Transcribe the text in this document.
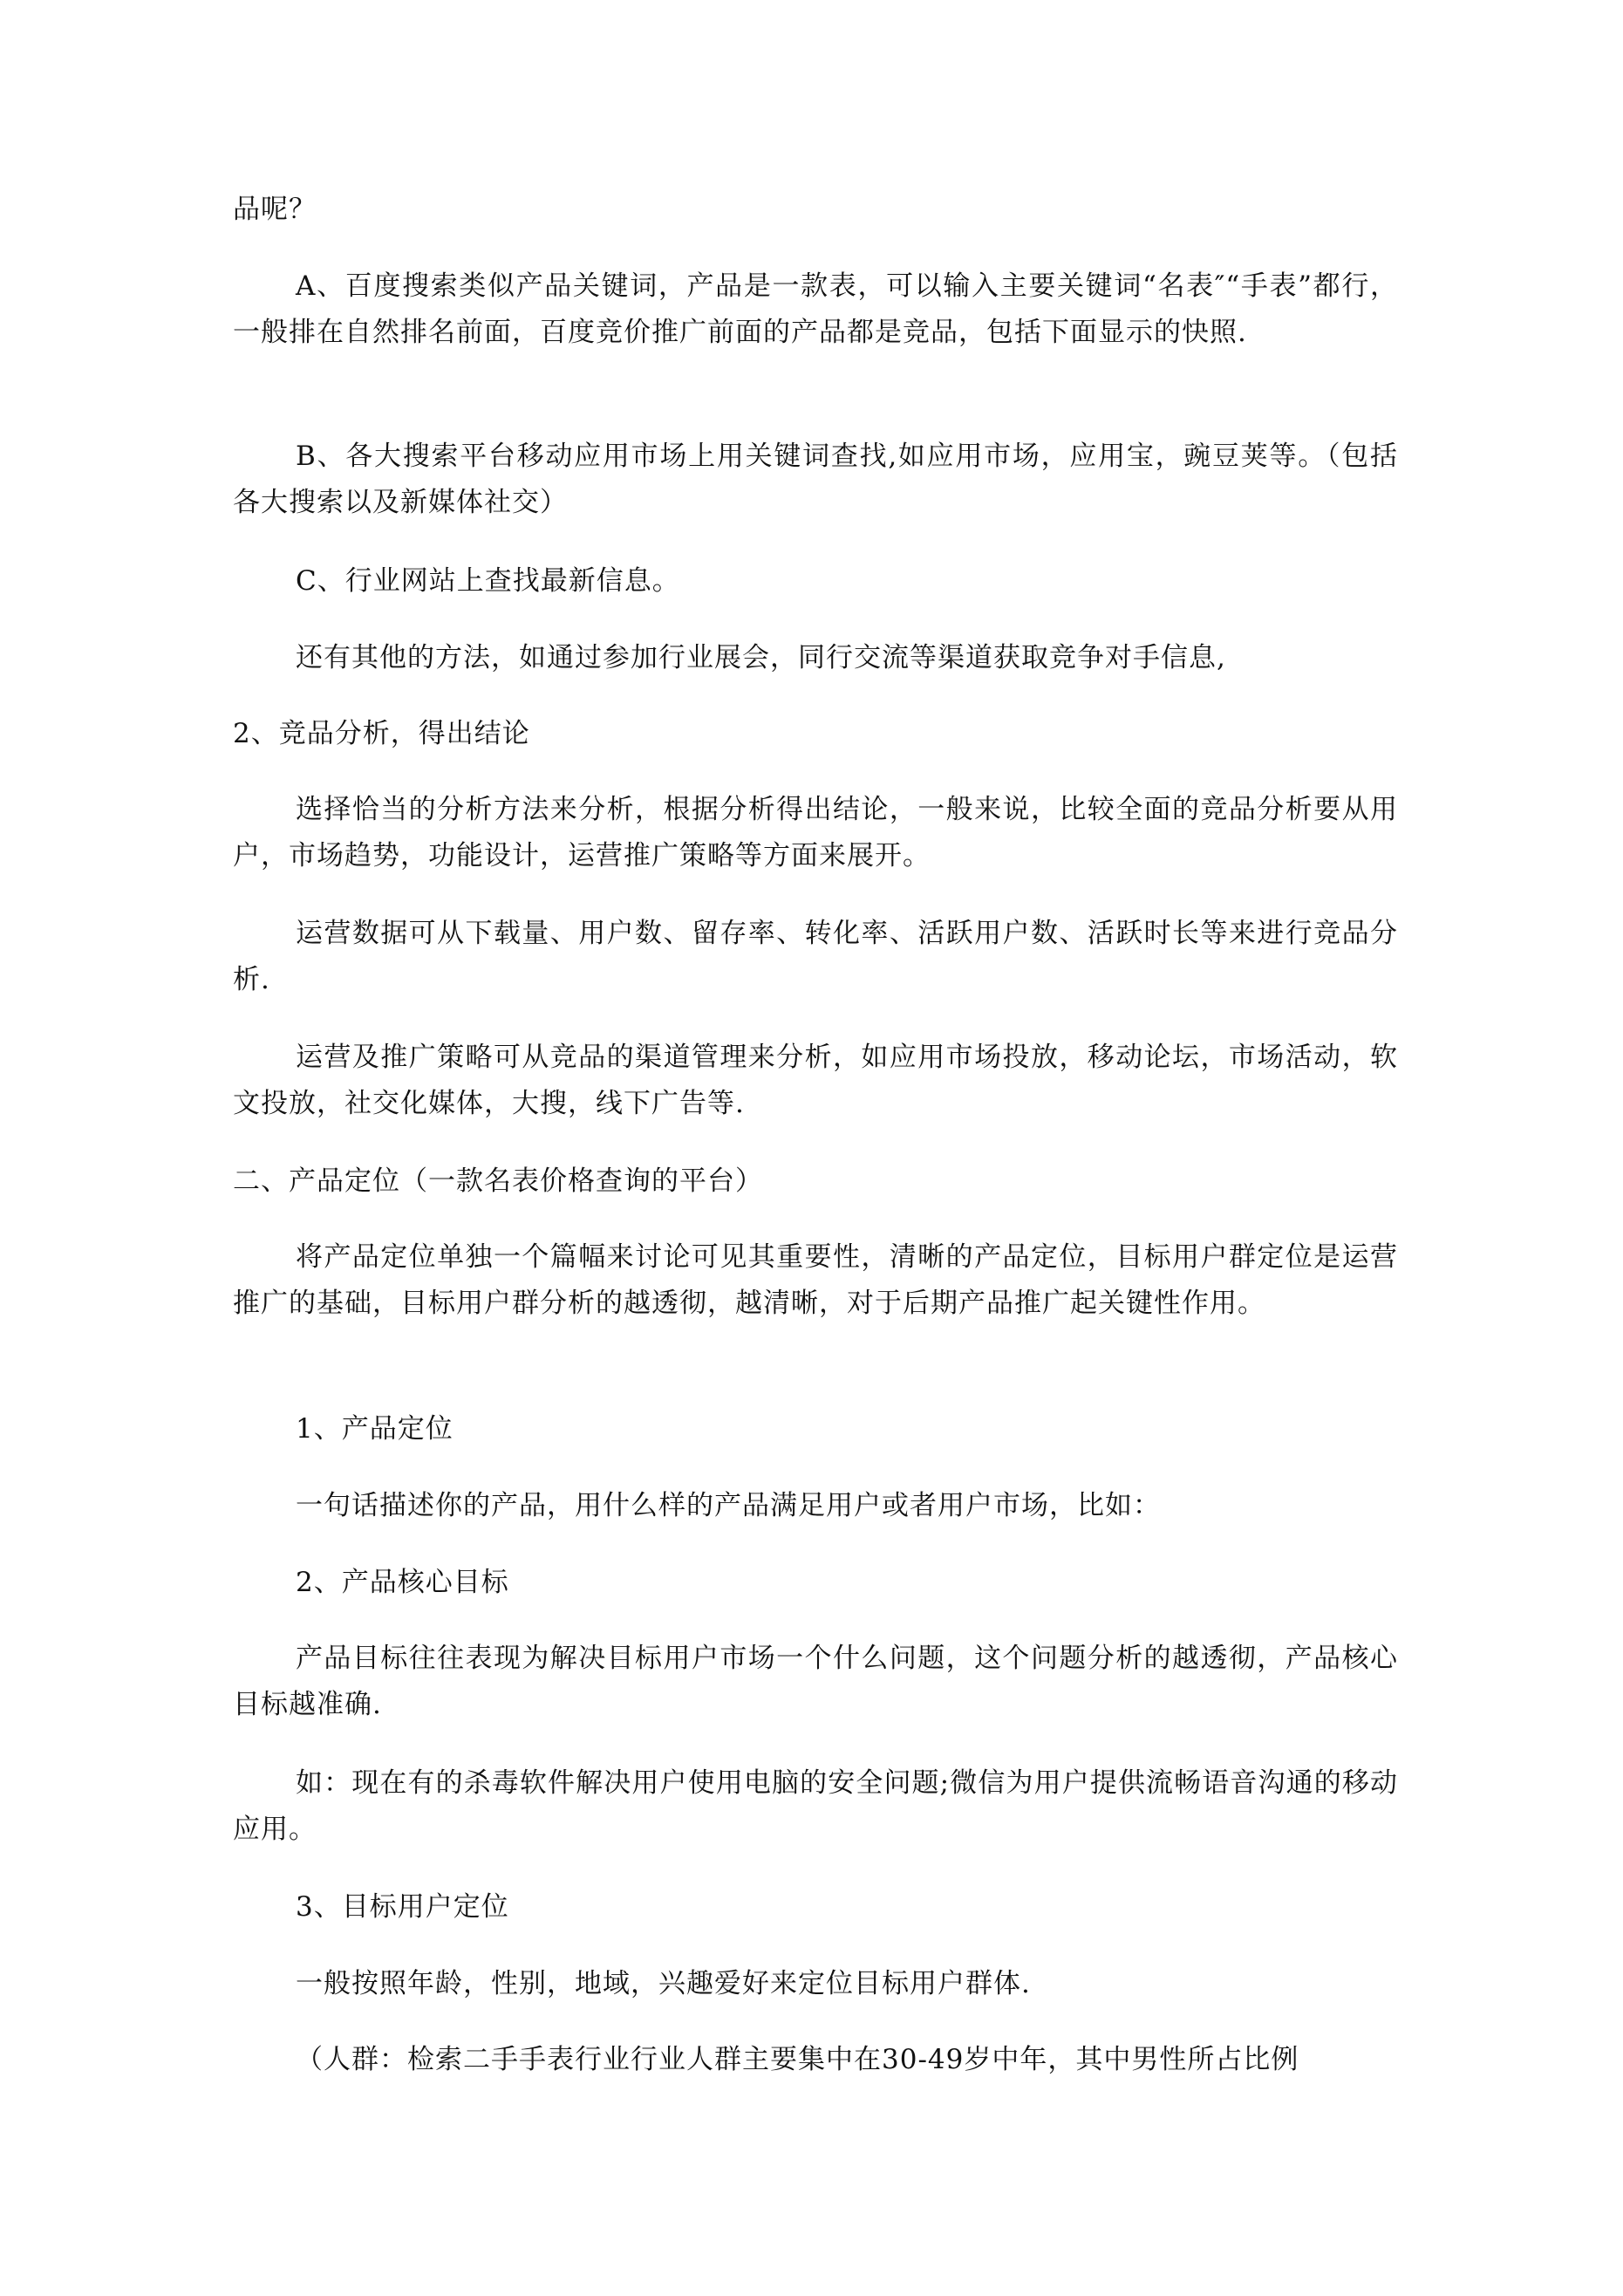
品呢？

A、百度搜索类似产品关键词，产品是一款表，可以输入主要关键词“名表″“手表”都行，一般排在自然排名前面，百度竞价推广前面的产品都是竞品，包括下面显示的快照.

B、各大搜索平台移动应用市场上用关键词查找,如应用市场，应用宝，豌豆荚等。（包括各大搜索以及新媒体社交）

C、行业网站上查找最新信息。

还有其他的方法，如通过参加行业展会，同行交流等渠道获取竞争对手信息,

2、竞品分析，得出结论

选择恰当的分析方法来分析，根据分析得出结论，一般来说，比较全面的竞品分析要从用户，市场趋势，功能设计，运营推广策略等方面来展开。

运营数据可从下载量、用户数、留存率、转化率、活跃用户数、活跃时长等来进行竞品分析.

运营及推广策略可从竞品的渠道管理来分析，如应用市场投放，移动论坛，市场活动，软文投放，社交化媒体，大搜，线下广告等.

二、产品定位（一款名表价格查询的平台）

将产品定位单独一个篇幅来讨论可见其重要性，清晰的产品定位，目标用户群定位是运营推广的基础，目标用户群分析的越透彻，越清晰，对于后期产品推广起关键性作用。

1、产品定位

一句话描述你的产品，用什么样的产品满足用户或者用户市场，比如：

2、产品核心目标

产品目标往往表现为解决目标用户市场一个什么问题，这个问题分析的越透彻，产品核心目标越准确.

如：现在有的杀毒软件解决用户使用电脑的安全问题;微信为用户提供流畅语音沟通的移动应用。

3、目标用户定位

一般按照年龄，性别，地域，兴趣爱好来定位目标用户群体.

（人群：检索二手手表行业行业人群主要集中在30-49岁中年，其中男性所占比例
